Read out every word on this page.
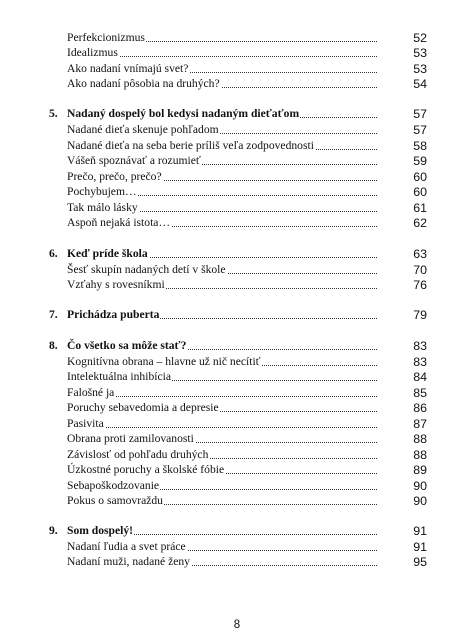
Perfekcionizmus	52
Idealizmus	53
Ako nadaní vnímajú svet?	53
Ako nadaní pôsobia na druhých?	54
5. Nadaný dospelý bol kedysi nadaným dieťaťom	57
Nadané dieťa skenuje pohľadom	57
Nadané dieťa na seba berie príliš veľa zodpovednosti	58
Vášeň spoznávať a rozumieť	59
Prečo, prečo, prečo?	60
Pochybujem…	60
Tak málo lásky	61
Aspoň nejaká istota…	62
6. Keď príde škola	63
Šesť skupín nadaných detí v škole	70
Vzťahy s rovesníkmi	76
7. Prichádza puberta	79
8. Čo všetko sa môže stať?	83
Kognitívna obrana – hlavne už nič necítiť	83
Intelektuálna inhibícia	84
Falošné ja	85
Poruchy sebavedomia a depresie	86
Pasivita	87
Obrana proti zamilovanosti	88
Závislosť od pohľadu druhých	88
Úzkostné poruchy a školské fóbie	89
Sebapoškodzovanie	90
Pokus o samovraždu	90
9. Som dospelý!	91
Nadaní ľudia a svet práce	91
Nadaní muži, nadané ženy	95
8
